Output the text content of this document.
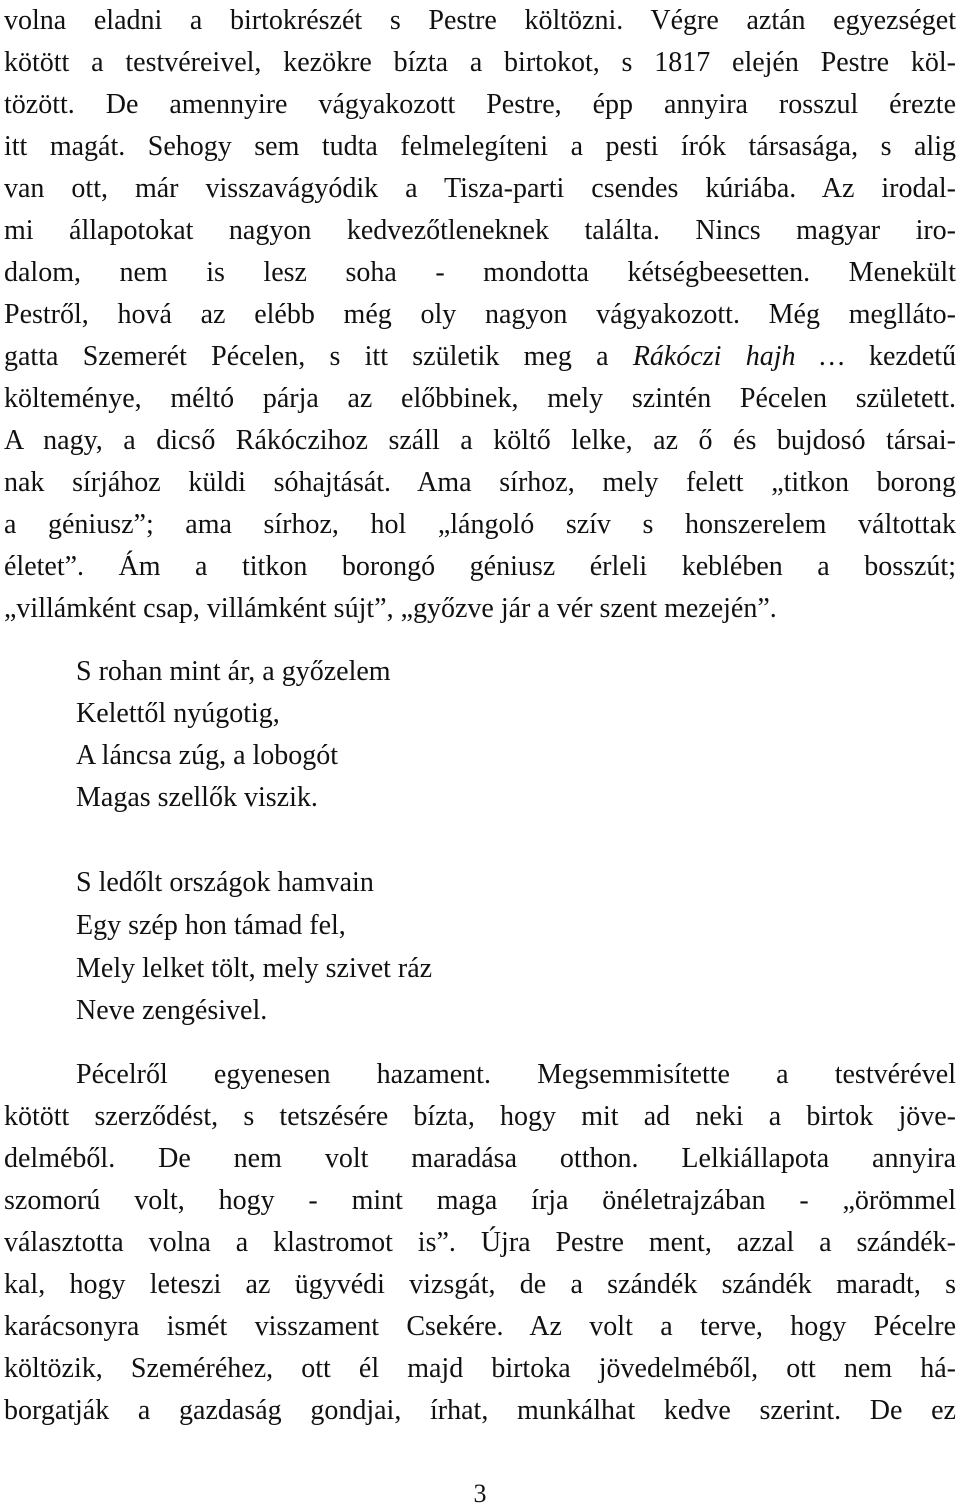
volna eladni a birtokrészét s Pestre költözni. Végre aztán egyezséget
kötött a testvéreivel, kezökre bízta a birtokot, s 1817 elején Pestre köl-
tözött. De amennyire vágyakozott Pestre, épp annyira rosszul érezte
itt magát. Sehogy sem tudta felmelegíteni a pesti írók társasága, s alig
van ott, már visszavágyódik a Tisza-parti csendes kúriába. Az irodal-
mi állapotokat nagyon kedvezőtleneknek találta. Nincs magyar iro-
dalom, nem is lesz soha - mondotta kétségbeesetten. Menekült
Pestről, hová az elébb még oly nagyon vágyakozott. Még meglláto-
gatta Szemerét Pécelen, s itt születik meg a Rákóczi hajh … kezdetű
költeménye, méltó párja az előbbinek, mely szintén Pécelen született.
A nagy, a dicső Rákóczihoz száll a költő lelke, az ő és bujdosó társai-
nak sírjához küldi sóhajtását. Ama sírhoz, mely felett „titkon borong
a géniusz”; ama sírhoz, hol „lángoló szív s honszerelem váltottak
életet”. Ám a titkon borongó géniusz érleli keblében a bosszút;
„villámként csap, villámként sújt”, „győzve jár a vér szent mezején”.
S rohan mint ár, a győzelem
Kelettől nyúgotig,
A láncsa zúg, a lobogót
Magas szellők viszik.
S ledőlt országok hamvain
Egy szép hon támad fel,
Mely lelket tölt, mely szivet ráz
Neve zengésivel.
Pécelről egyenesen hazament. Megsemmisítette a testvérével
kötött szerződést, s tetszésére bízta, hogy mit ad neki a birtok jöve-
delméből. De nem volt maradása otthon. Lelkiállapota annyira
szomorú volt, hogy - mint maga írja önéletrajzában - „örömmel
választotta volna a klastromot is”. Újra Pestre ment, azzal a szándék-
kal, hogy leteszi az ügyvédi vizsgát, de a szándék szándék maradt, s
karácsonyra ismét visszament Csekére. Az volt a terve, hogy Pécelre
költözik, Szeméréhez, ott él majd birtoka jövedelméből, ott nem há-
borgatják a gazdaság gondjai, írhat, munkálhat kedve szerint. De ez
3
